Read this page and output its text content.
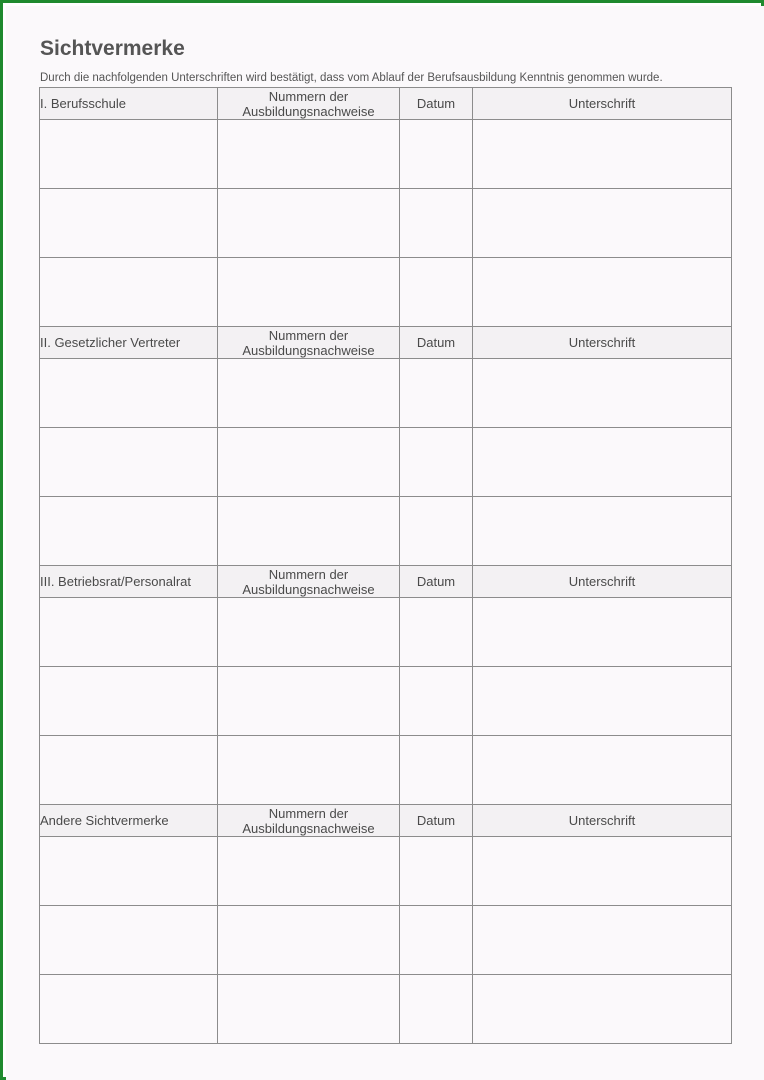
Sichtvermerke
Durch die nachfolgenden Unterschriften wird bestätigt, dass vom Ablauf der Berufsausbildung Kenntnis genommen wurde.
I. Berufsschule	Nummern der
Ausbildungsnachweise	Datum	Unterschrift

II. Gesetzlicher Vertreter	Nummern der
Ausbildungsnachweise	Datum	Unterschrift

III. Betriebsrat/Personalrat	Nummern der
Ausbildungsnachweise	Datum	Unterschrift

Andere Sichtvermerke	Nummern der
Ausbildungsnachweise	Datum	Unterschrift
